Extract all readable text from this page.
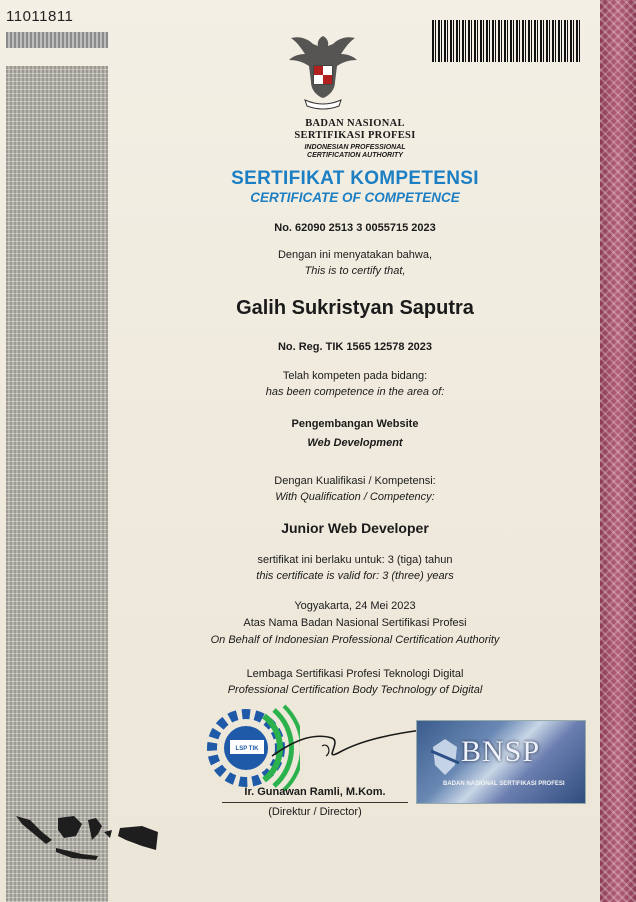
11011811
BADAN NASIONAL
SERTIFIKASI PROFESI
INDONESIAN PROFESSIONAL
CERTIFICATION AUTHORITY
SERTIFIKAT KOMPETENSI
CERTIFICATE OF COMPETENCE
No. 62090 2513 3 0055715 2023
Dengan ini menyatakan bahwa,
This is to certify that,
Galih Sukristyan Saputra
No. Reg. TIK 1565 12578 2023
Telah kompeten pada bidang:
has been competence in the area of:
Pengembangan Website
Web Development
Dengan Kualifikasi / Kompetensi:
With Qualification / Competency:
Junior Web Developer
sertifikat ini berlaku untuk: 3 (tiga) tahun
this certificate is valid for: 3 (three) years
Yogyakarta, 24 Mei 2023
Atas Nama Badan Nasional Sertifikasi Profesi
On Behalf of Indonesian Professional Certification Authority
Lembaga Sertifikasi Profesi Teknologi Digital
Professional Certification Body Technology of Digital
LSP TIK
Ir. Gunawan Ramli, M.Kom.
(Direktur / Director)
BNSP
BADAN NASIONAL SERTIFIKASI PROFESI
